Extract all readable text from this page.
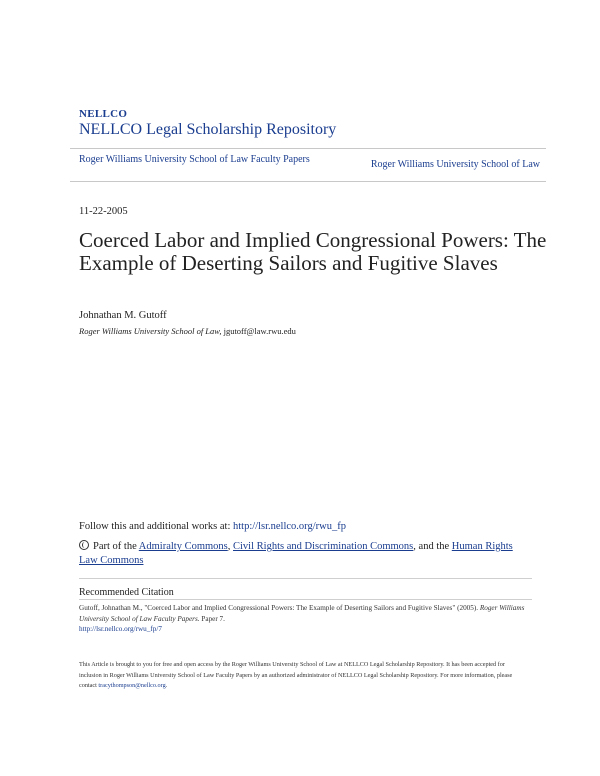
NELLCO
NELLCO Legal Scholarship Repository
Roger Williams University School of Law Faculty Papers	Roger Williams University School of Law
11-22-2005
Coerced Labor and Implied Congressional Powers: The Example of Deserting Sailors and Fugitive Slaves
Johnathan M. Gutoff
Roger Williams University School of Law, jgutoff@law.rwu.edu
Follow this and additional works at: http://lsr.nellco.org/rwu_fp
Part of the Admiralty Commons, Civil Rights and Discrimination Commons, and the Human Rights Law Commons
Recommended Citation
Gutoff, Johnathan M., "Coerced Labor and Implied Congressional Powers: The Example of Deserting Sailors and Fugitive Slaves" (2005). Roger Williams University School of Law Faculty Papers. Paper 7.
http://lsr.nellco.org/rwu_fp/7
This Article is brought to you for free and open access by the Roger Williams University School of Law at NELLCO Legal Scholarship Repository. It has been accepted for inclusion in Roger Williams University School of Law Faculty Papers by an authorized administrator of NELLCO Legal Scholarship Repository. For more information, please contact tracythompson@nellco.org.
